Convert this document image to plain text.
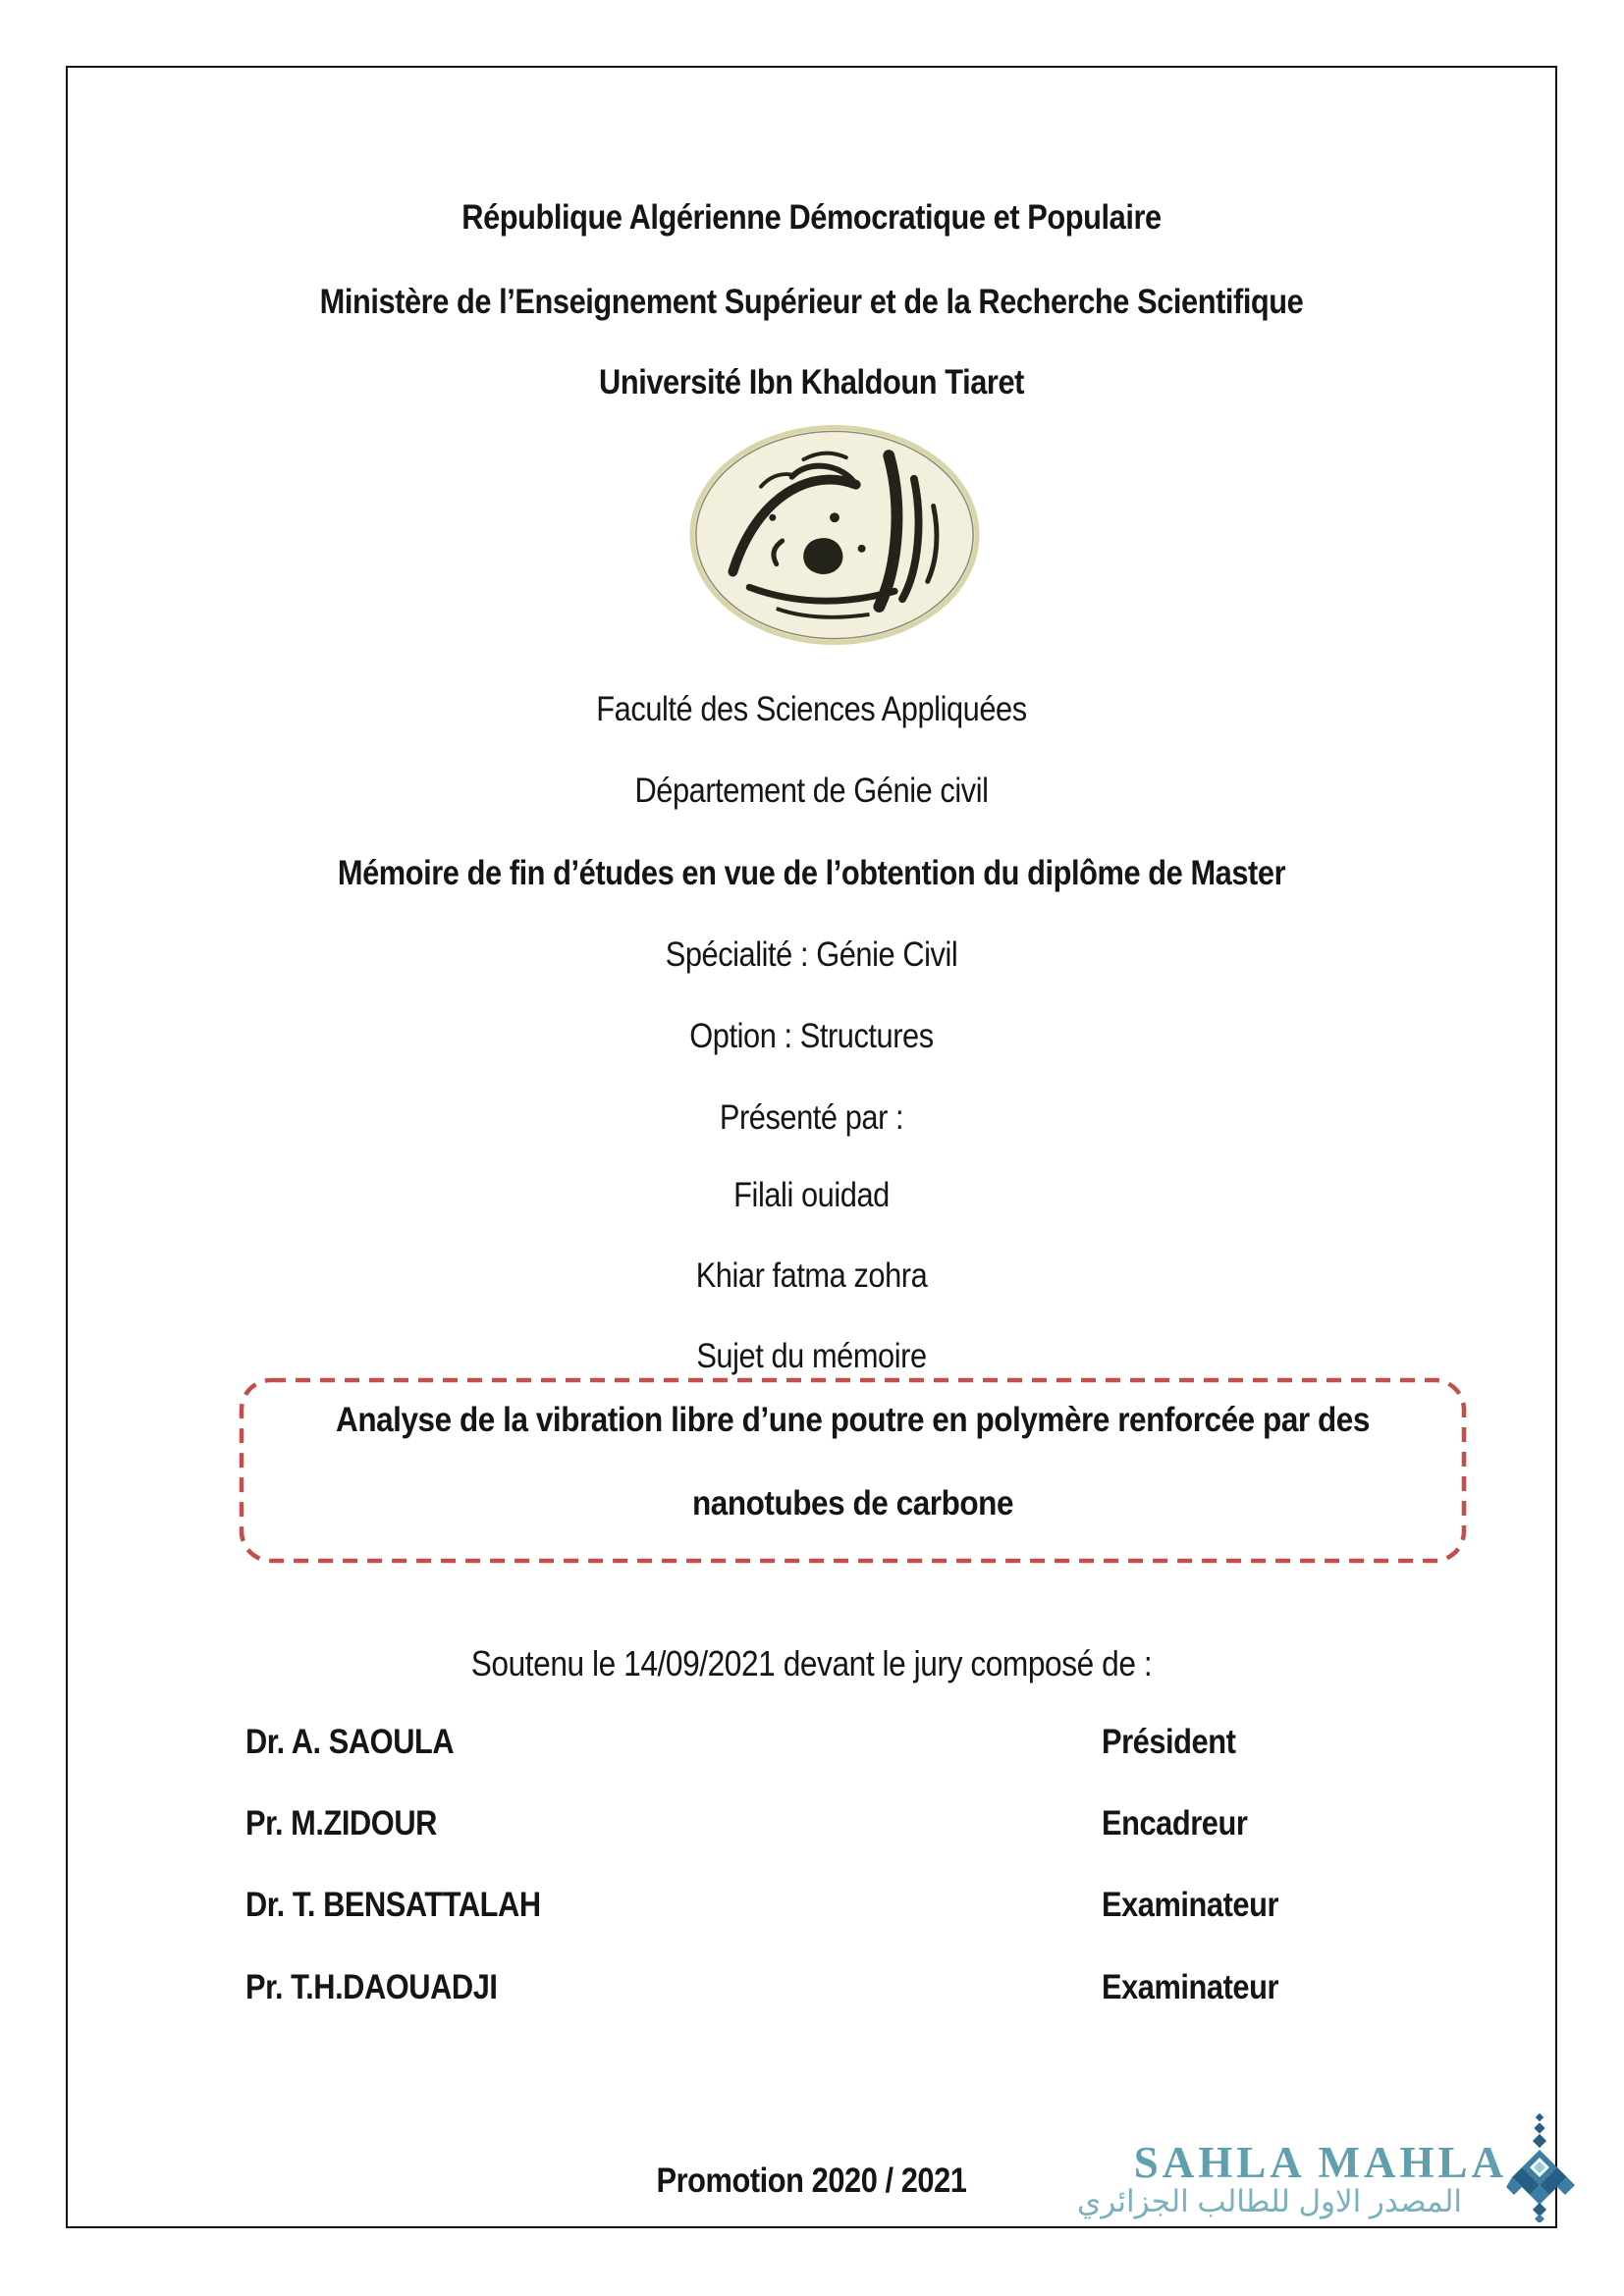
République Algérienne Démocratique et Populaire
Ministère de l’Enseignement Supérieur et de la Recherche Scientifique
Université Ibn Khaldoun Tiaret
Faculté des Sciences Appliquées
Département de Génie civil
Mémoire de fin d’études en vue de l’obtention du diplôme de Master
Spécialité : Génie Civil
Option : Structures
Présenté par :
Filali ouidad
Khiar fatma zohra
Sujet du mémoire
Analyse de la vibration libre d’une poutre en polymère renforcée par des
nanotubes de carbone
Soutenu le 14/09/2021 devant le jury composé de :
Dr. A. SAOULA	Président
Pr. M.ZIDOUR	Encadreur
Dr. T. BENSATTALAH	Examinateur
Pr. T.H.DAOUADJI	Examinateur
Promotion 2020 / 2021	SAHLA MAHLA
المصدر الاول للطالب الجزائري
